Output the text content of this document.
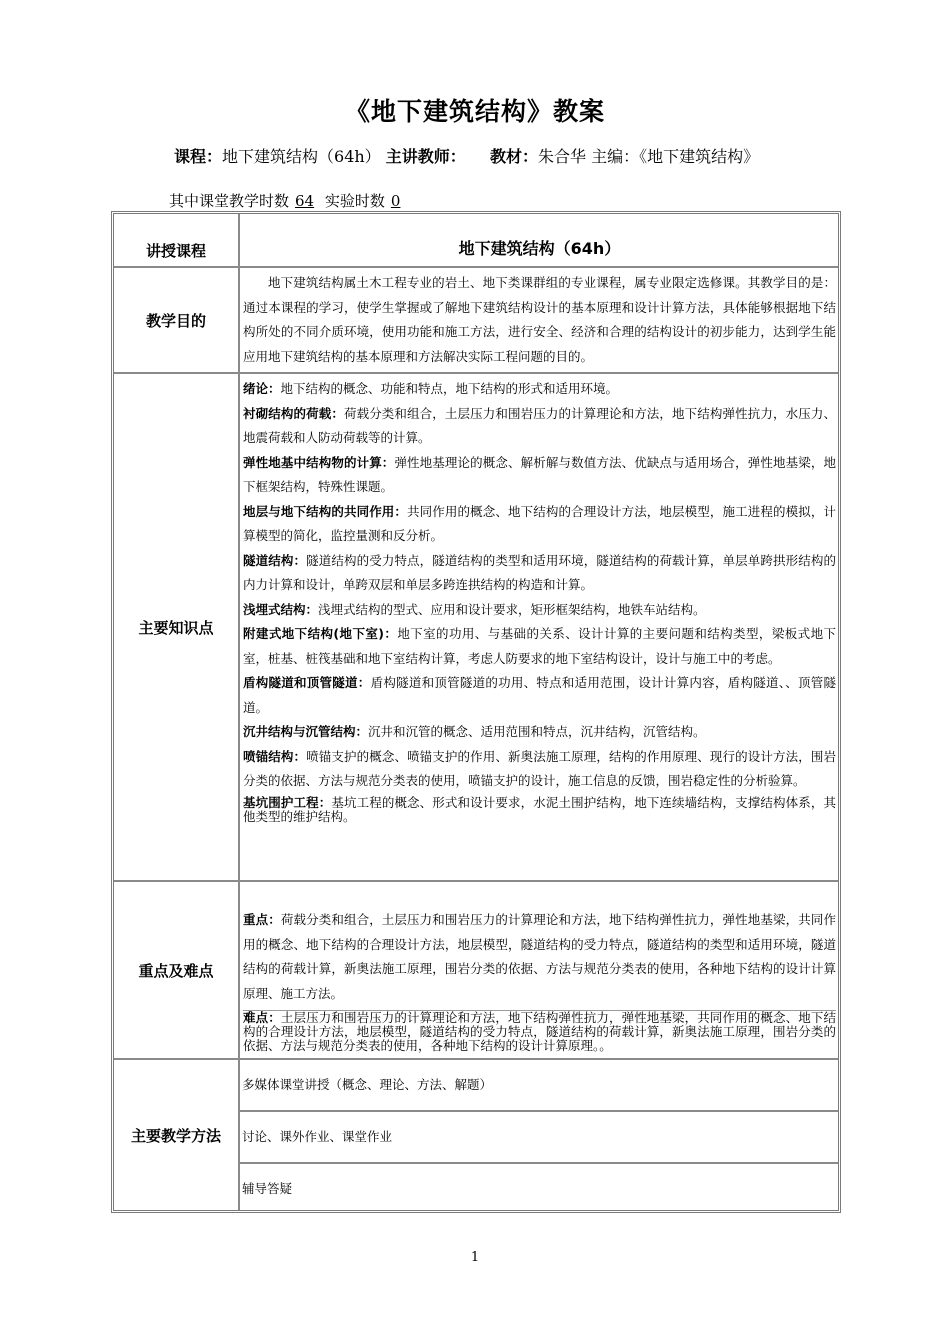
《地下建筑结构》教案
课程：地下建筑结构（64h） 主讲教师： 教材：朱合华 主编：《地下建筑结构》
其中课堂教学时数 64 实验时数 0
讲授课程	地下建筑结构（64h）
教学目的

地下建筑结构属土木工程专业的岩土、地下类课群组的专业课程，属专业限定选修课。其教学目的是：通过本课程的学习，使学生掌握或了解地下建筑结构设计的基本原理和设计计算方法，具体能够根据地下结构所处的不同介质环境，使用功能和施工方法，进行安全、经济和合理的结构设计的初步能力，达到学生能应用地下建筑结构的基本原理和方法解决实际工程问题的目的。

主要知识点

绪论：地下结构的概念、功能和特点，地下结构的形式和适用环境。

衬砌结构的荷载：荷载分类和组合，土层压力和围岩压力的计算理论和方法，地下结构弹性抗力，水压力、地震荷载和人防动荷载等的计算。

弹性地基中结构物的计算：弹性地基理论的概念、解析解与数值方法、优缺点与适用场合，弹性地基梁，地下框架结构，特殊性课题。

地层与地下结构的共同作用：共同作用的概念、地下结构的合理设计方法，地层模型，施工进程的模拟，计算模型的简化，监控量测和反分析。

隧道结构：隧道结构的受力特点，隧道结构的类型和适用环境，隧道结构的荷载计算，单层单跨拱形结构的内力计算和设计，单跨双层和单层多跨连拱结构的构造和计算。

浅埋式结构：浅埋式结构的型式、应用和设计要求，矩形框架结构，地铁车站结构。

附建式地下结构(地下室)：地下室的功用、与基础的关系、设计计算的主要问题和结构类型，梁板式地下室，桩基、桩筏基础和地下室结构计算，考虑人防要求的地下室结构设计，设计与施工中的考虑。

盾构隧道和顶管隧道：盾构隧道和顶管隧道的功用、特点和适用范围，设计计算内容，盾构隧道、、顶管隧道。

沉井结构与沉管结构：沉井和沉管的概念、适用范围和特点，沉井结构，沉管结构。

喷锚结构：喷锚支护的概念、喷锚支护的作用、新奥法施工原理，结构的作用原理、现行的设计方法，围岩分类的依据、方法与规范分类表的使用，喷锚支护的设计，施工信息的反馈，围岩稳定性的分析验算。

基坑围护工程：基坑工程的概念、形式和设计要求，水泥土围护结构，地下连续墙结构，支撑结构体系，其他类型的维护结构。

重点及难点

重点：荷载分类和组合，土层压力和围岩压力的计算理论和方法，地下结构弹性抗力，弹性地基梁，共同作用的概念、地下结构的合理设计方法，地层模型，隧道结构的受力特点，隧道结构的类型和适用环境，隧道结构的荷载计算，新奥法施工原理，围岩分类的依据、方法与规范分类表的使用，各种地下结构的设计计算原理、施工方法。

难点：土层压力和围岩压力的计算理论和方法，地下结构弹性抗力，弹性地基梁，共同作用的概念、地下结构的合理设计方法，地层模型，隧道结构的受力特点，隧道结构的荷载计算，新奥法施工原理，围岩分类的依据、方法与规范分类表的使用，各种地下结构的设计计算原理。。

主要教学方法
多媒体课堂讲授（概念、理论、方法、解题）
讨论、课外作业、课堂作业
辅导答疑
1
